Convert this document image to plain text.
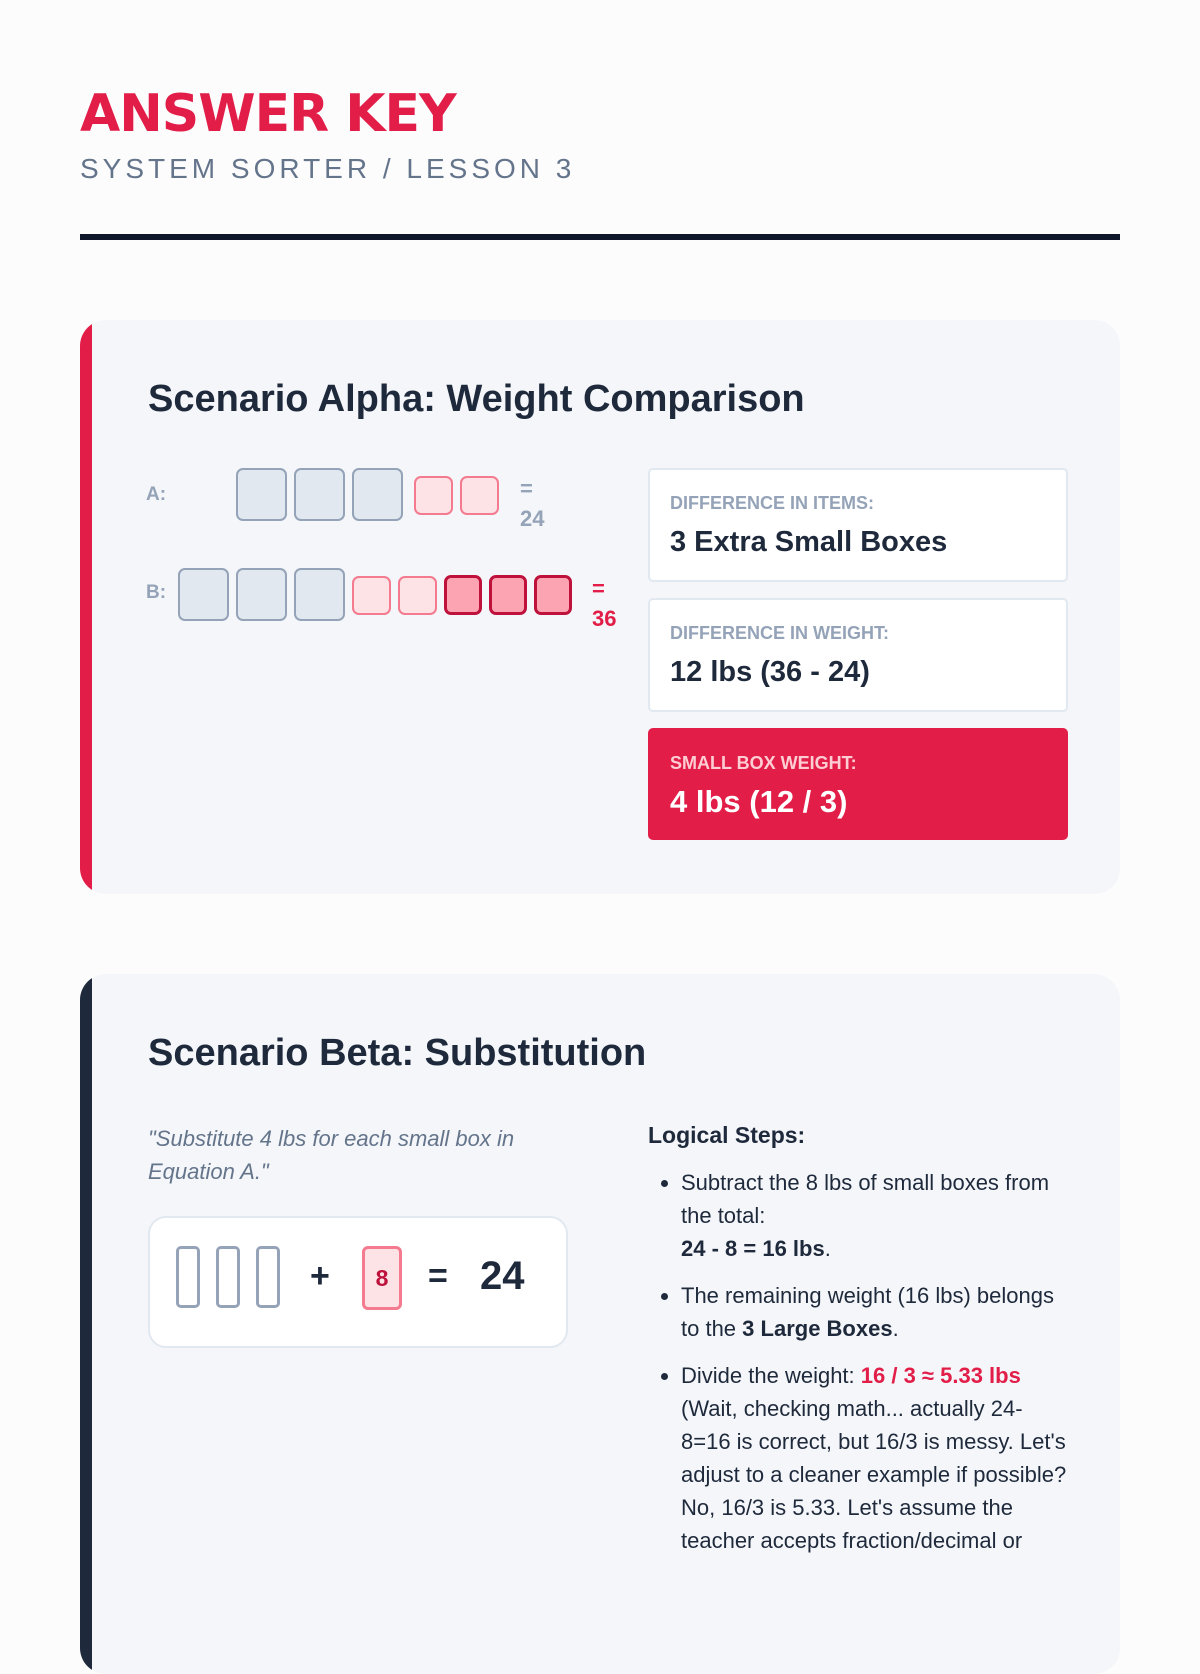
ANSWER KEY
SYSTEM SORTER / LESSON 3
Scenario Alpha: Weight Comparison
A:	=
24
B:	=
36
DIFFERENCE IN ITEMS:
3 Extra Small Boxes
DIFFERENCE IN WEIGHT:
12 lbs (36 - 24)
SMALL BOX WEIGHT:
4 lbs (12 / 3)
Scenario Beta: Substitution
"Substitute 4 lbs for each small box in Equation A."
+	8	= 24
Logical Steps:
• Subtract the 8 lbs of small boxes from the total:
24 - 8 = 16 lbs.
• The remaining weight (16 lbs) belongs to the 3 Large Boxes.
• Divide the weight: 16 / 3 ≈ 5.33 lbs (Wait, checking math... actually 24-8=16 is correct, but 16/3 is messy. Let's adjust to a cleaner example if possible? No, 16/3 is 5.33. Let's assume the teacher accepts fraction/decimal or
